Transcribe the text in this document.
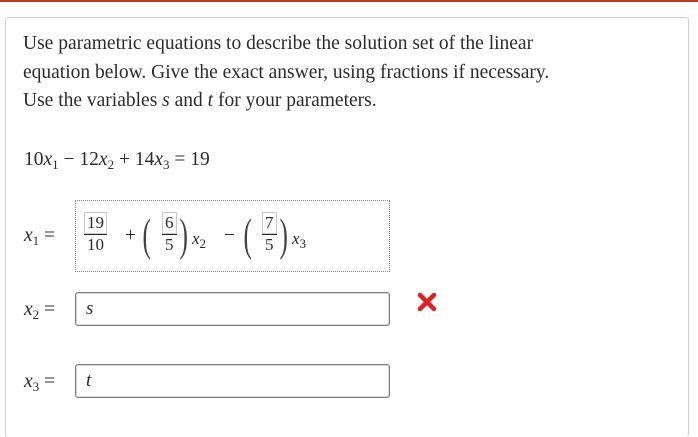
Use parametric equations to describe the solution set of the linear
equation below. Give the exact answer, using fractions if necessary.
Use the variables s and t for your parameters.
$10x_1 - 12x_2 + 14x_3 = 19$
$x_1 = \frac{19}{10}$ + ( $\frac{6}{5}$ ) $x_2$ − ( $\frac{7}{5}$ ) $x_3$
$x_2$ =	s
$x_3$ =	t
